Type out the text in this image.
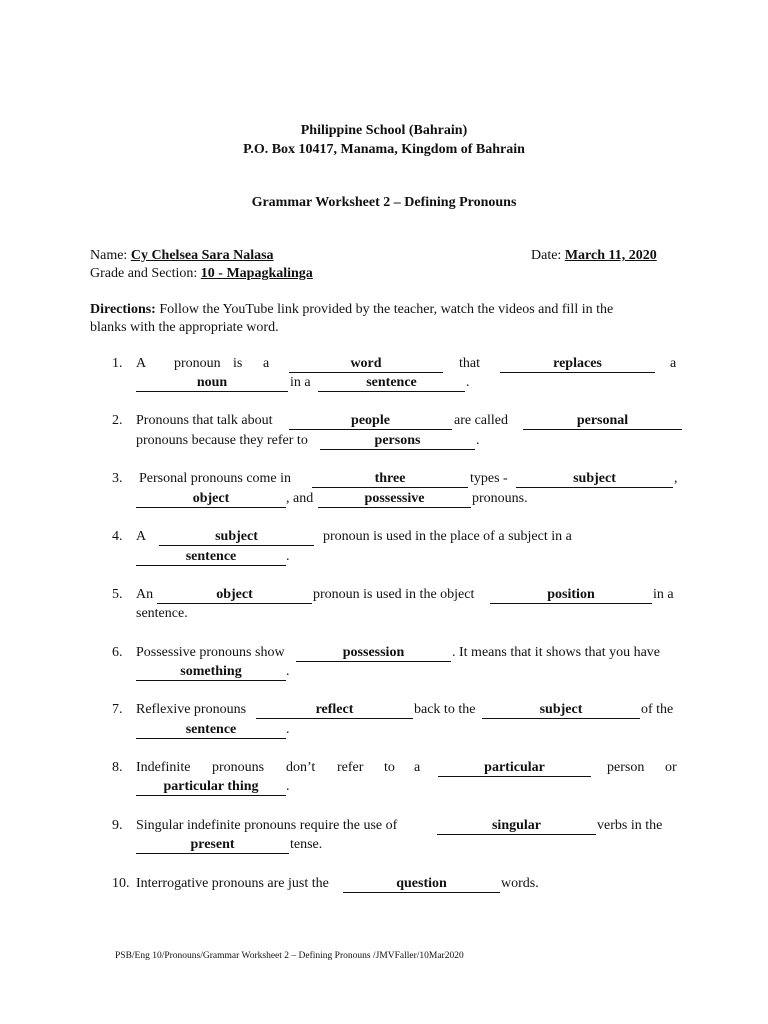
Philippine School (Bahrain)
P.O. Box 10417, Manama, Kingdom of Bahrain
Grammar Worksheet 2 – Defining Pronouns
Name: Cy Chelsea Sara Nalasa	Date: March 11, 2020
Grade and Section: 10 - Mapagkalinga
Directions: Follow the YouTube link provided by the teacher, watch the videos and fill in the
blanks with the appropriate word.
1. A pronoun is a	word	that	replaces	a
noun	in a	sentence	.
2. Pronouns that talk about	people	are called	personal
pronouns because they refer to	persons	.
3. Personal pronouns come in	three	types -	subject	,
object	, and	possessive	pronouns.
4. A	subject	pronoun is used in the place of a subject in a
sentence	.
5. An	object	pronoun is used in the object	position	in a
sentence.
6. Possessive pronouns show	possession	. It means that it shows that you have
something	.
7. Reflexive pronouns	reflect	back to the	subject	of the
sentence	.
8. Indefinite pronouns don’t refer to a	particular	person or
particular thing	.
9. Singular indefinite pronouns require the use of	singular	verbs in the
present	tense.
10. Interrogative pronouns are just the	question	words.
PSB/Eng 10/Pronouns/Grammar Worksheet 2 – Defining Pronouns /JMVFaller/10Mar2020
